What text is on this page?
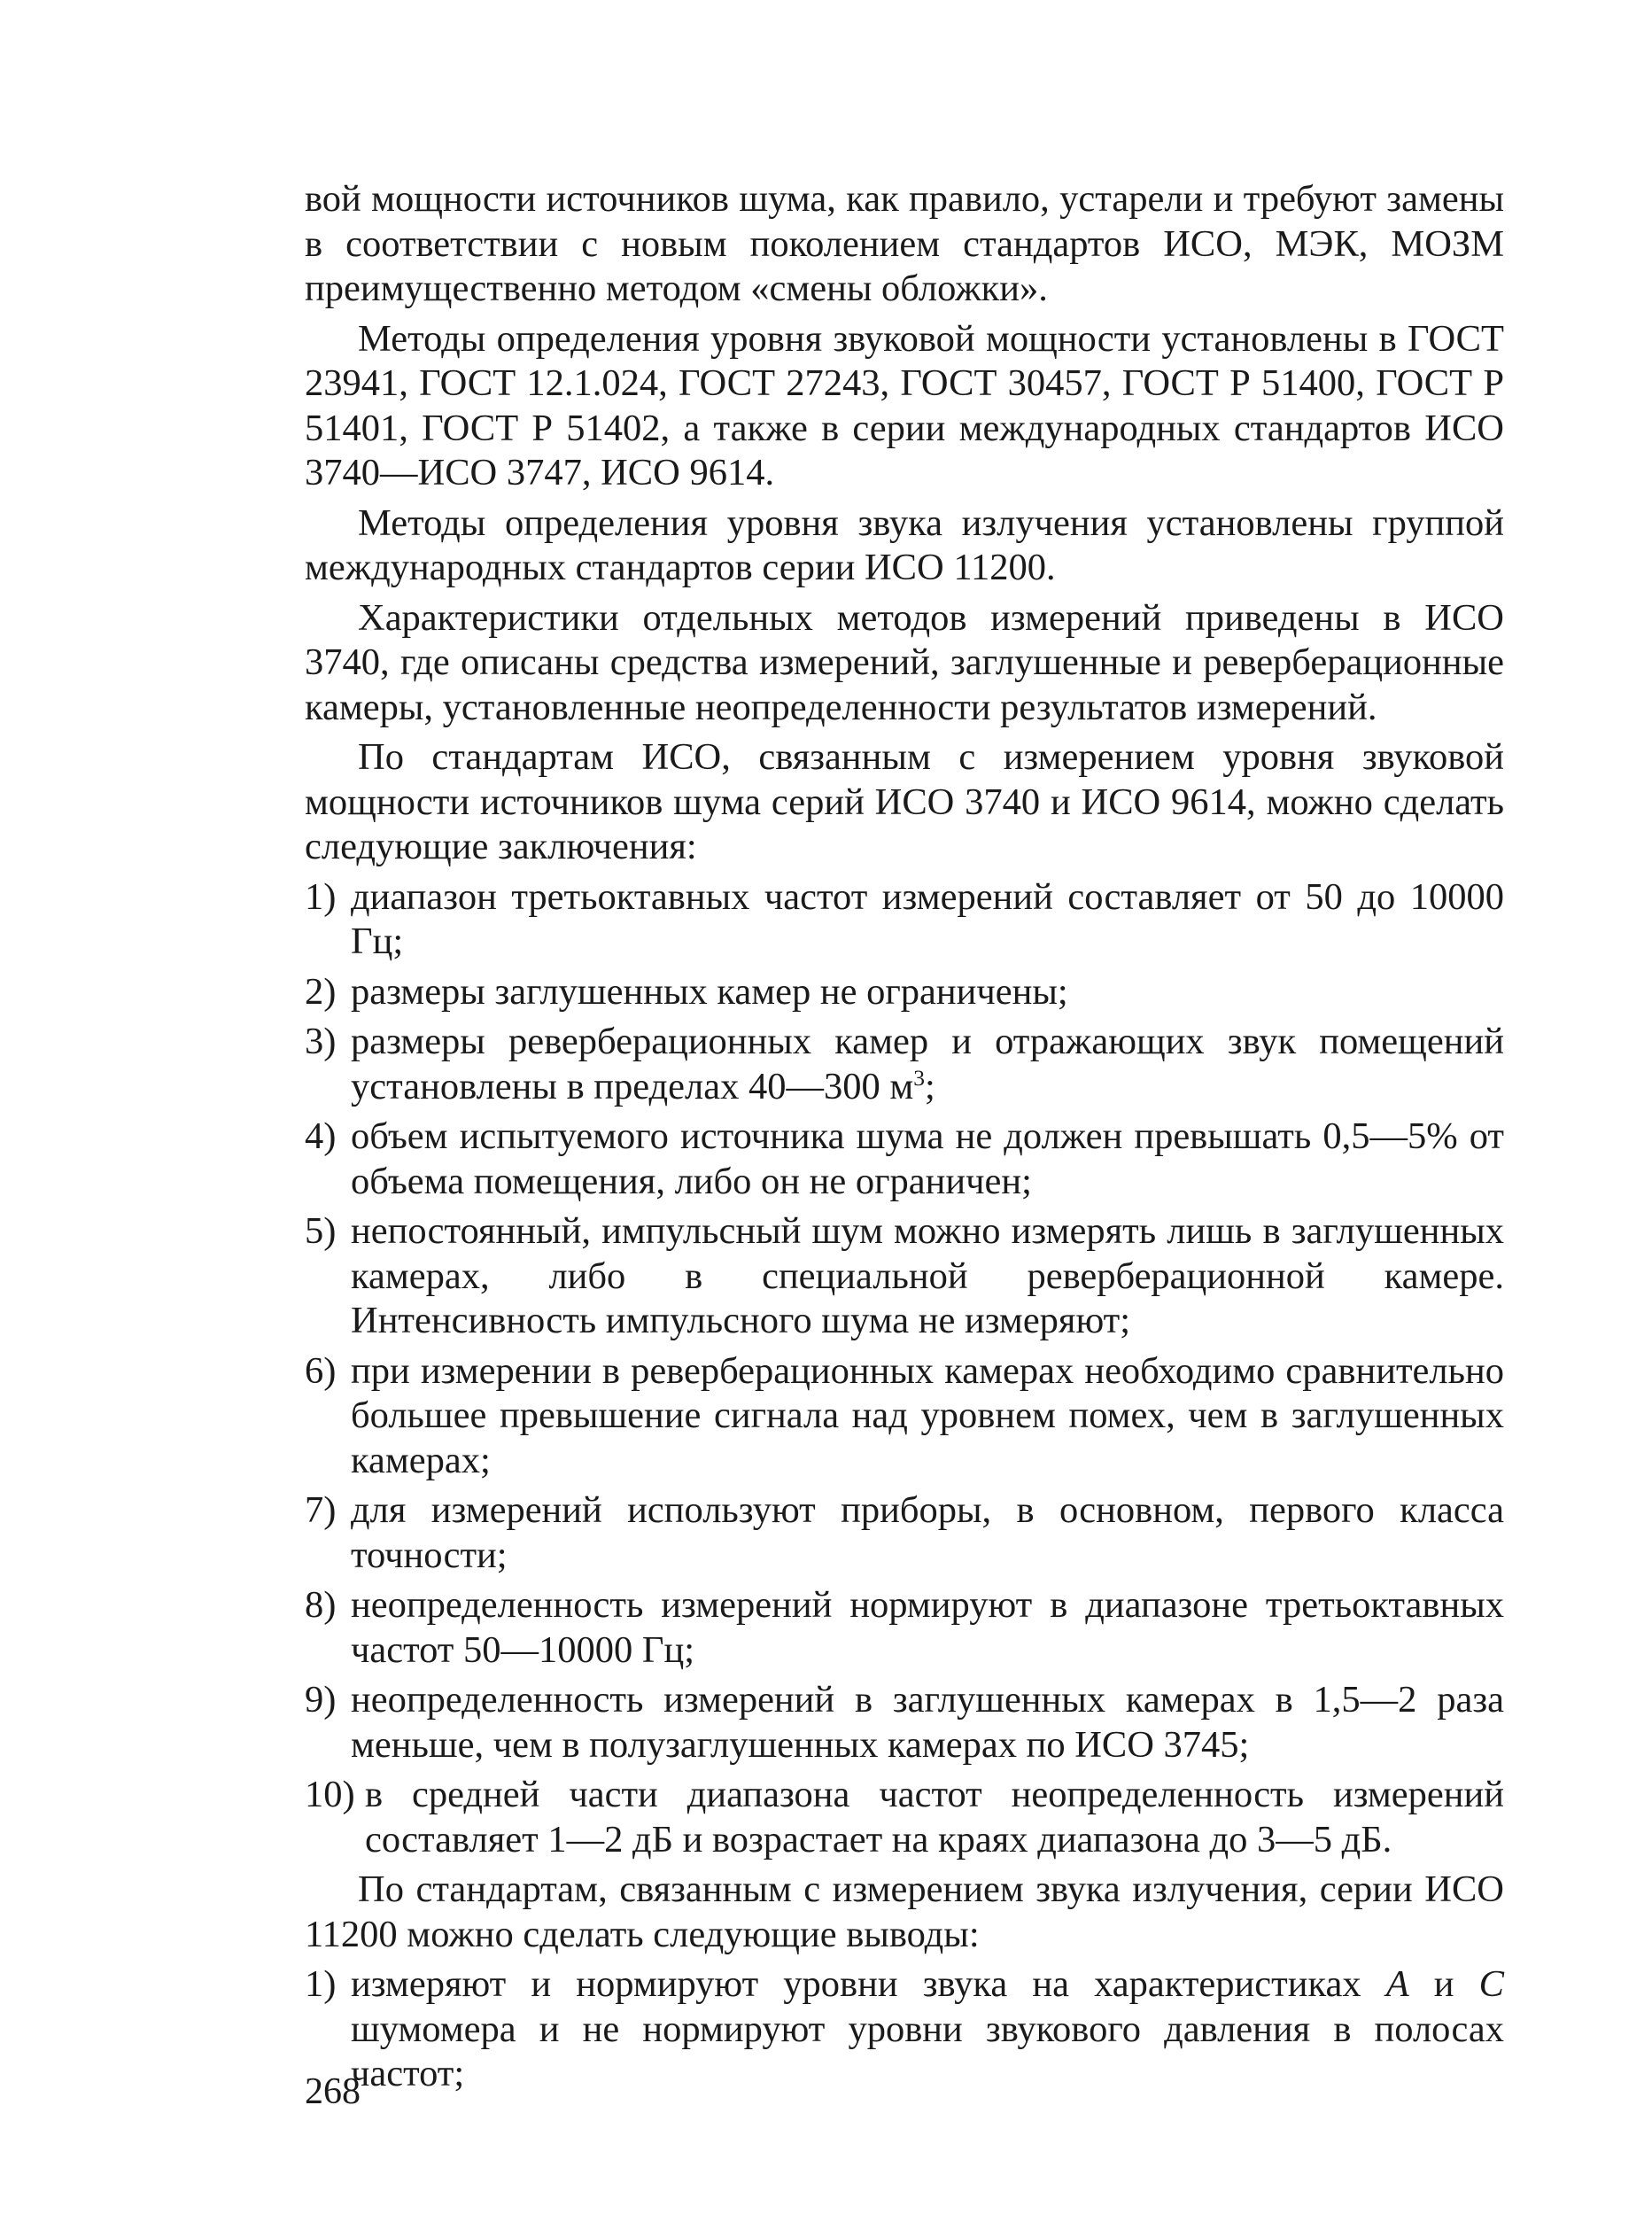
вой мощности источников шума, как правило, устарели и требуют замены в соответствии с новым поколением стандартов ИСО, МЭК, МОЗМ преимущественно методом «смены обложки».

Методы определения уровня звуковой мощности установлены в ГОСТ 23941, ГОСТ 12.1.024, ГОСТ 27243, ГОСТ 30457, ГОСТ Р 51400, ГОСТ Р 51401, ГОСТ Р 51402, а также в серии международных стандартов ИСО 3740—ИСО 3747, ИСО 9614.

Методы определения уровня звука излучения установлены группой международных стандартов серии ИСО 11200.

Характеристики отдельных методов измерений приведены в ИСО 3740, где описаны средства измерений, заглушенные и реверберационные камеры, установленные неопределенности результатов измерений.

По стандартам ИСО, связанным с измерением уровня звуковой мощности источников шума серий ИСО 3740 и ИСО 9614, можно сделать следующие заключения:

1) диапазон третьоктавных частот измерений составляет от 50 до 10000 Гц;
2) размеры заглушенных камер не ограничены;
3) размеры реверберационных камер и отражающих звук помещений установлены в пределах 40—300 $м^3$;
4) объем испытуемого источника шума не должен превышать 0,5—5% от объема помещения, либо он не ограничен;
5) непостоянный, импульсный шум можно измерять лишь в заглушенных камерах, либо в специальной реверберационной камере. Интенсивность импульсного шума не измеряют;
6) при измерении в реверберационных камерах необходимо сравнительно большее превышение сигнала над уровнем помех, чем в заглушенных камерах;
7) для измерений используют приборы, в основном, первого класса точности;
8) неопределенность измерений нормируют в диапазоне третьоктавных частот 50—10000 Гц;
9) неопределенность измерений в заглушенных камерах в 1,5—2 раза меньше, чем в полузаглушенных камерах по ИСО 3745;
10) в средней части диапазона частот неопределенность измерений составляет 1—2 дБ и возрастает на краях диапазона до 3—5 дБ.

По стандартам, связанным с измерением звука излучения, серии ИСО 11200 можно сделать следующие выводы:

1) измеряют и нормируют уровни звука на характеристиках А и С шумомера и не нормируют уровни звукового давления в полосах частот;
268
